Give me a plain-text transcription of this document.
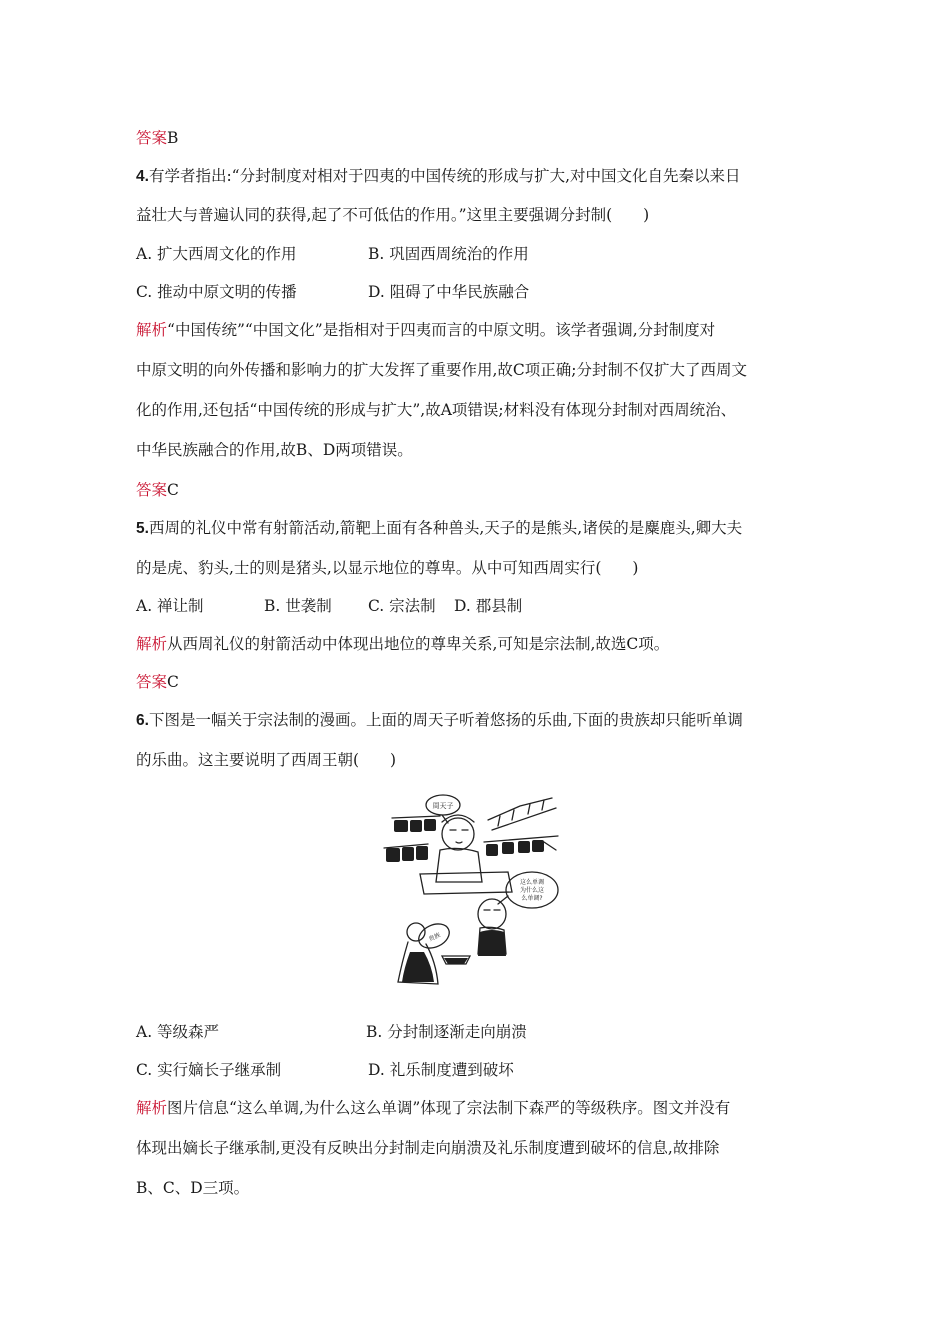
答案B
4.有学者指出:“分封制度对相对于四夷的中国传统的形成与扩大,对中国文化自先秦以来日
益壮大与普遍认同的获得,起了不可低估的作用。”这里主要强调分封制(　　)
A. 扩大西周文化的作用	B. 巩固西周统治的作用
C. 推动中原文明的传播	D. 阻碍了中华民族融合
解析“中国传统”“中国文化”是指相对于四夷而言的中原文明。该学者强调,分封制度对
中原文明的向外传播和影响力的扩大发挥了重要作用,故C项正确;分封制不仅扩大了西周文
化的作用,还包括“中国传统的形成与扩大”,故A项错误;材料没有体现分封制对西周统治、
中华民族融合的作用,故B、D两项错误。
答案C
5.西周的礼仪中常有射箭活动,箭靶上面有各种兽头,天子的是熊头,诸侯的是麋鹿头,卿大夫
的是虎、豹头,士的则是猪头,以显示地位的尊卑。从中可知西周实行(　　)
A. 禅让制	B. 世袭制 C. 宗法制 D. 郡县制
解析从西周礼仪的射箭活动中体现出地位的尊卑关系,可知是宗法制,故选C项。
答案C
6.下图是一幅关于宗法制的漫画。上面的周天子听着悠扬的乐曲,下面的贵族却只能听单调
的乐曲。这主要说明了西周王朝(　　)
周天子
这么单调
为什么这
么单调?
贵族
A. 等级森严	B. 分封制逐渐走向崩溃
C. 实行嫡长子继承制	D. 礼乐制度遭到破坏
解析图片信息“这么单调,为什么这么单调”体现了宗法制下森严的等级秩序。图文并没有
体现出嫡长子继承制,更没有反映出分封制走向崩溃及礼乐制度遭到破坏的信息,故排除
B、C、D三项。
